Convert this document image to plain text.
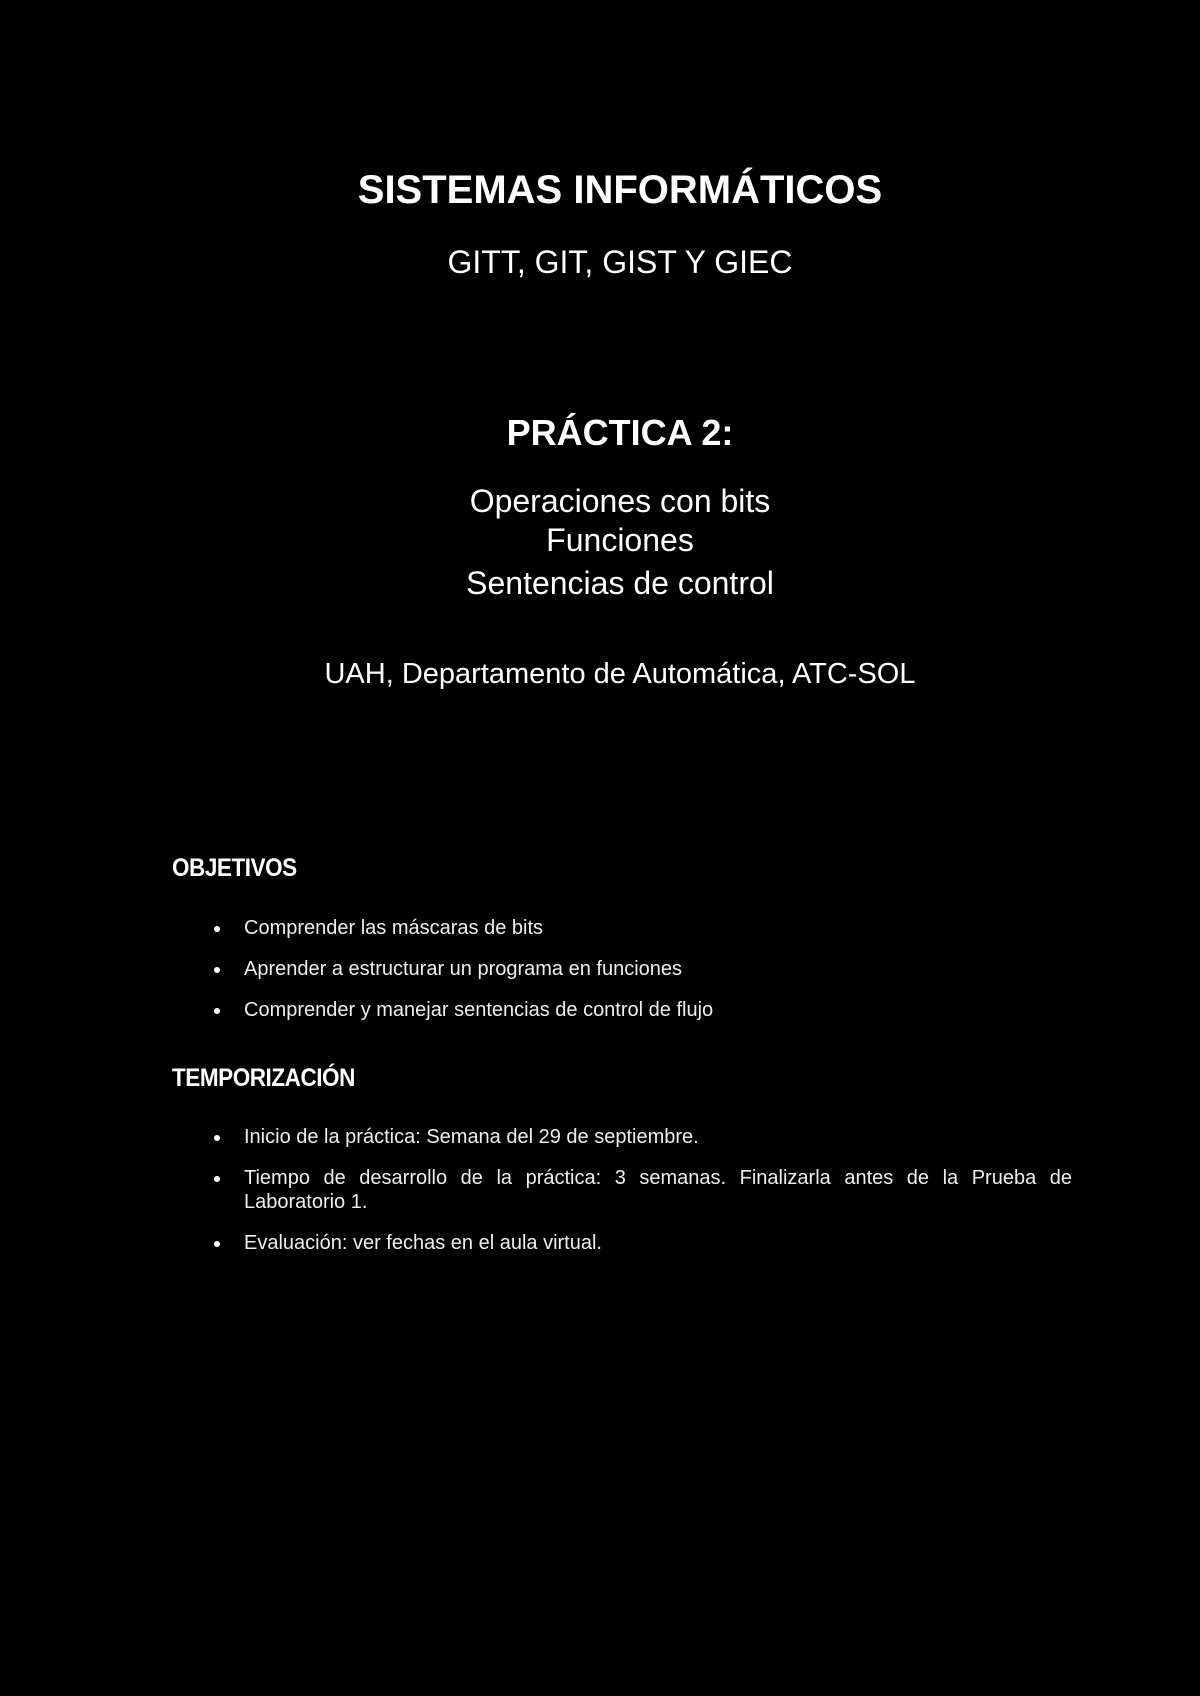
SISTEMAS INFORMÁTICOS
GITT, GIT, GIST Y GIEC
PRÁCTICA 2:
Operaciones con bits
Funciones
Sentencias de control
UAH, Departamento de Automática, ATC-SOL
OBJETIVOS
Comprender las máscaras de bits
Aprender a estructurar un programa en funciones
Comprender y manejar sentencias de control de flujo
TEMPORIZACIÓN
Inicio de la práctica: Semana del 29 de septiembre.
Tiempo de desarrollo de la práctica: 3 semanas. Finalizarla antes de la Prueba de Laboratorio 1.
Evaluación: ver fechas en el aula virtual.
